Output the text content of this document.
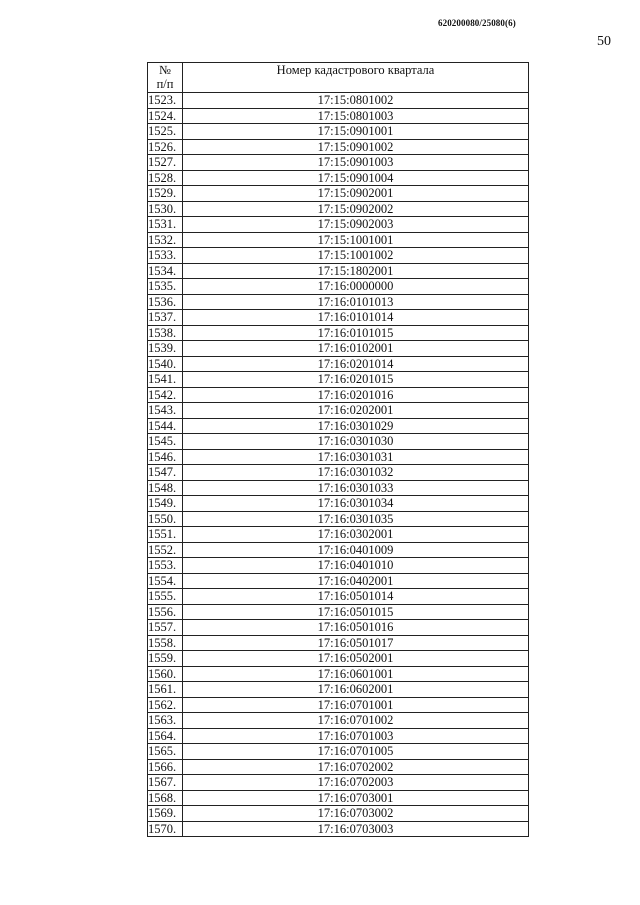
620200080/25080(6)
50
№
п/п	Номер кадастрового квартала
1523.	17:15:0801002
1524.	17:15:0801003
1525.	17:15:0901001
1526.	17:15:0901002
1527.	17:15:0901003
1528.	17:15:0901004
1529.	17:15:0902001
1530.	17:15:0902002
1531.	17:15:0902003
1532.	17:15:1001001
1533.	17:15:1001002
1534.	17:15:1802001
1535.	17:16:0000000
1536.	17:16:0101013
1537.	17:16:0101014
1538.	17:16:0101015
1539.	17:16:0102001
1540.	17:16:0201014
1541.	17:16:0201015
1542.	17:16:0201016
1543.	17:16:0202001
1544.	17:16:0301029
1545.	17:16:0301030
1546.	17:16:0301031
1547.	17:16:0301032
1548.	17:16:0301033
1549.	17:16:0301034
1550.	17:16:0301035
1551.	17:16:0302001
1552.	17:16:0401009
1553.	17:16:0401010
1554.	17:16:0402001
1555.	17:16:0501014
1556.	17:16:0501015
1557.	17:16:0501016
1558.	17:16:0501017
1559.	17:16:0502001
1560.	17:16:0601001
1561.	17:16:0602001
1562.	17:16:0701001
1563.	17:16:0701002
1564.	17:16:0701003
1565.	17:16:0701005
1566.	17:16:0702002
1567.	17:16:0702003
1568.	17:16:0703001
1569.	17:16:0703002
1570.	17:16:0703003
